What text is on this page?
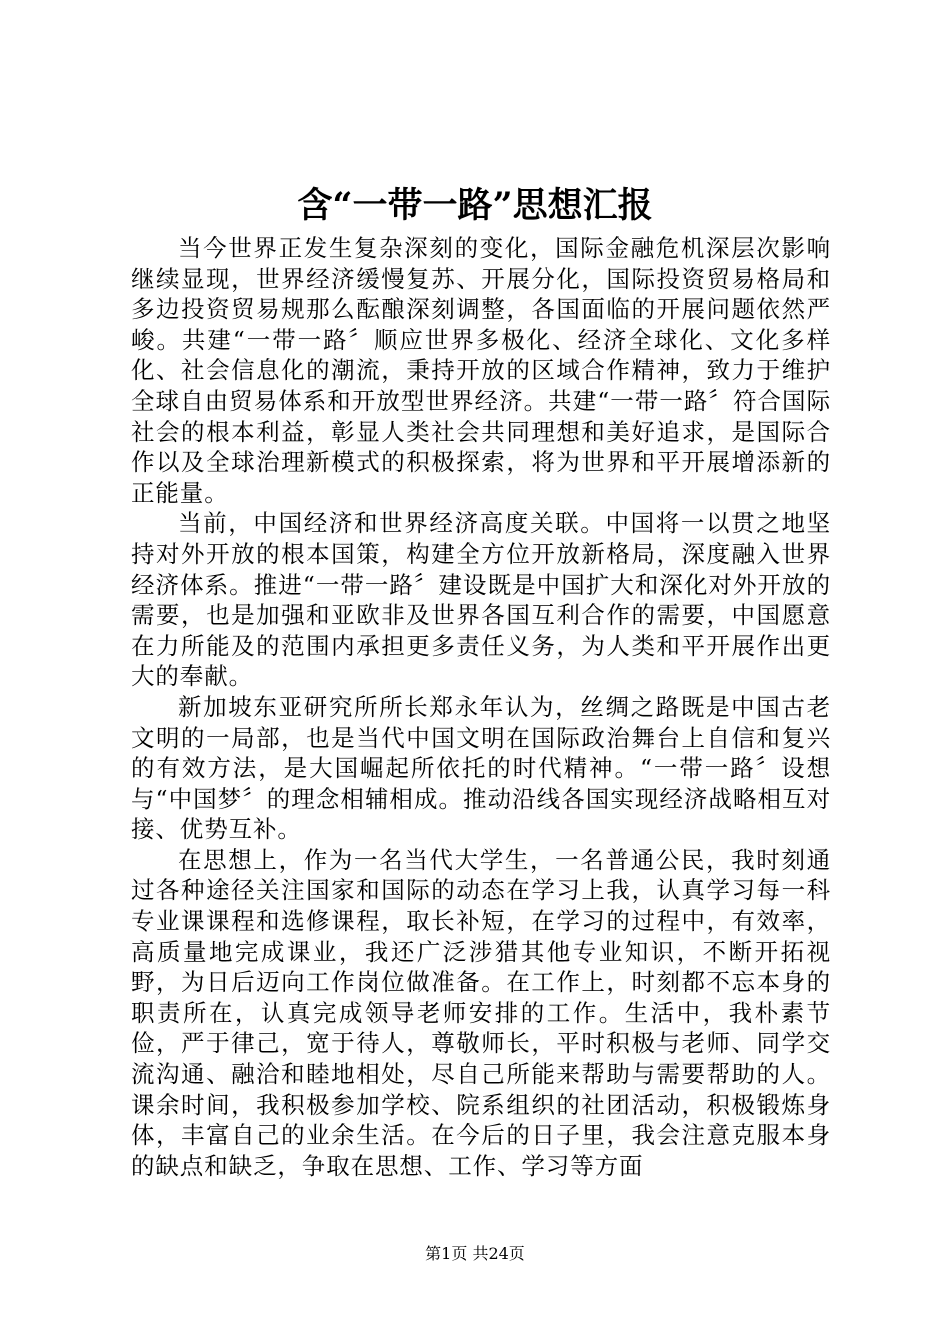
含“一带一路”思想汇报

当今世界正发生复杂深刻的变化，国际金融危机深层次影响继续显现，世界经济缓慢复苏、开展分化，国际投资贸易格局和多边投资贸易规那么酝酿深刻调整，各国面临的开展问题依然严峻。共建“一带一路〞顺应世界多极化、经济全球化、文化多样化、社会信息化的潮流，秉持开放的区域合作精神，致力于维护全球自由贸易体系和开放型世界经济。共建“一带一路〞符合国际社会的根本利益，彰显人类社会共同理想和美好追求，是国际合作以及全球治理新模式的积极探索，将为世界和平开展增添新的正能量。

当前，中国经济和世界经济高度关联。中国将一以贯之地坚持对外开放的根本国策，构建全方位开放新格局，深度融入世界经济体系。推进“一带一路〞建设既是中国扩大和深化对外开放的需要，也是加强和亚欧非及世界各国互利合作的需要，中国愿意在力所能及的范围内承担更多责任义务，为人类和平开展作出更大的奉献。

新加坡东亚研究所所长郑永年认为，丝绸之路既是中国古老文明的一局部，也是当代中国文明在国际政治舞台上自信和复兴的有效方法，是大国崛起所依托的时代精神。“一带一路〞设想与“中国梦〞的理念相辅相成。推动沿线各国实现经济战略相互对接、优势互补。

在思想上，作为一名当代大学生，一名普通公民，我时刻通过各种途径关注国家和国际的动态在学习上我，认真学习每一科专业课课程和选修课程，取长补短，在学习的过程中，有效率，高质量地完成课业，我还广泛涉猎其他专业知识，不断开拓视野，为日后迈向工作岗位做准备。在工作上，时刻都不忘本身的职责所在，认真完成领导老师安排的工作。生活中，我朴素节俭，严于律己，宽于待人，尊敬师长，平时积极与老师、同学交流沟通、融洽和睦地相处，尽自己所能来帮助与需要帮助的人。课余时间，我积极参加学校、院系组织的社团活动，积极锻炼身体，丰富自己的业余生活。在今后的日子里，我会注意克服本身的缺点和缺乏，争取在思想、工作、学习等方面

第1页 共24页
